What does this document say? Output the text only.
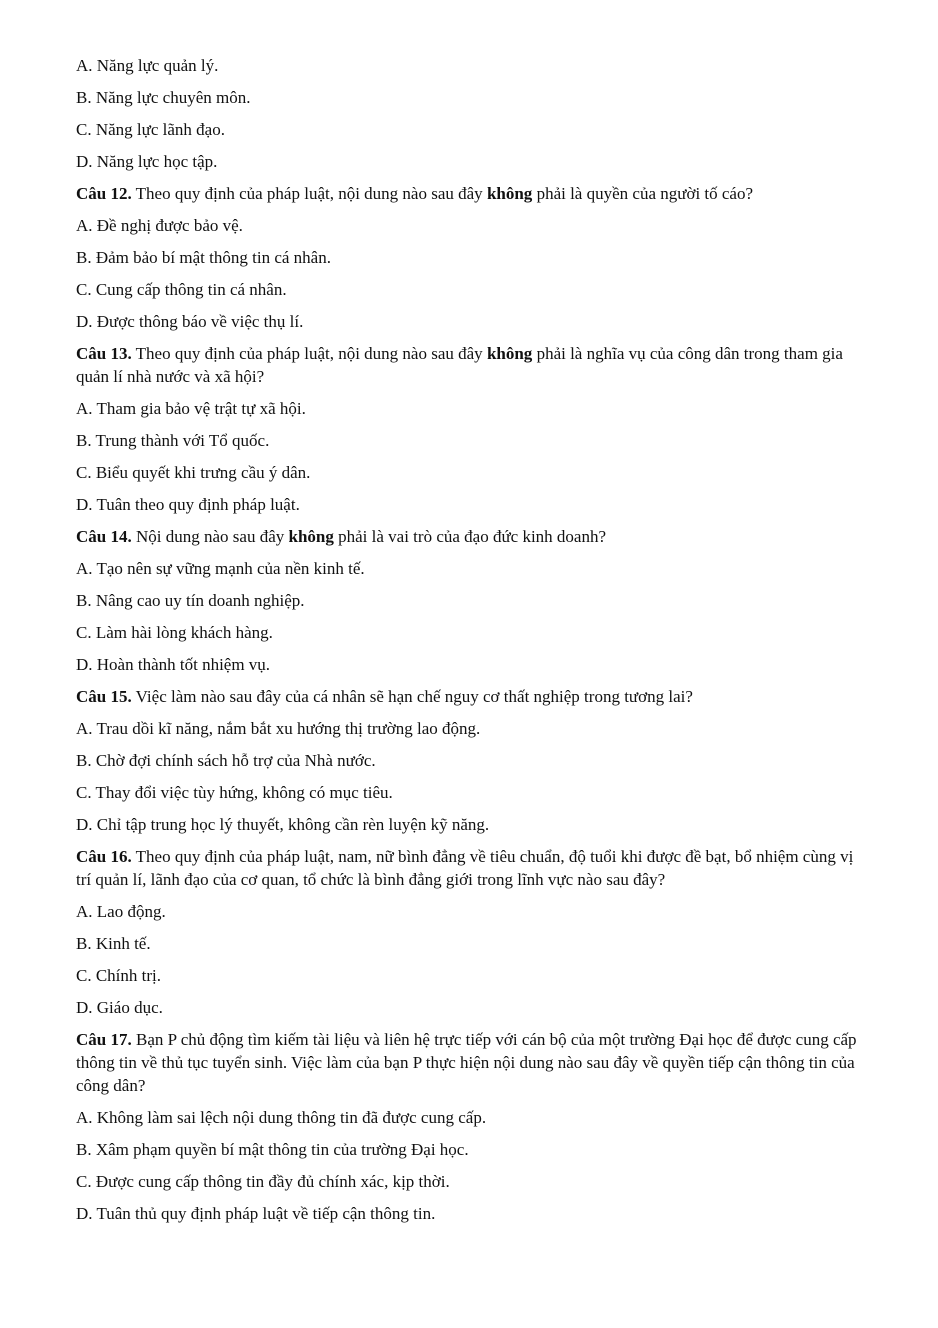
A. Năng lực quản lý.
B. Năng lực chuyên môn.
C. Năng lực lãnh đạo.
D. Năng lực học tập.
Câu 12. Theo quy định của pháp luật, nội dung nào sau đây không phải là quyền của người tố cáo?
A. Đề nghị được bảo vệ.
B. Đảm bảo bí mật thông tin cá nhân.
C. Cung cấp thông tin cá nhân.
D. Được thông báo về việc thụ lí.
Câu 13. Theo quy định của pháp luật, nội dung nào sau đây không phải là nghĩa vụ của công dân trong tham gia quản lí nhà nước và xã hội?
A. Tham gia bảo vệ trật tự xã hội.
B. Trung thành với Tổ quốc.
C. Biểu quyết khi trưng cầu ý dân.
D. Tuân theo quy định pháp luật.
Câu 14. Nội dung nào sau đây không phải là vai trò của đạo đức kinh doanh?
A. Tạo nên sự vững mạnh của nền kinh tế.
B. Nâng cao uy tín doanh nghiệp.
C. Làm hài lòng khách hàng.
D. Hoàn thành tốt nhiệm vụ.
Câu 15. Việc làm nào sau đây của cá nhân sẽ hạn chế nguy cơ thất nghiệp trong tương lai?
A. Trau dồi kĩ năng, nắm bắt xu hướng thị trường lao động.
B. Chờ đợi chính sách hỗ trợ của Nhà nước.
C. Thay đổi việc tùy hứng, không có mục tiêu.
D. Chỉ tập trung học lý thuyết, không cần rèn luyện kỹ năng.
Câu 16. Theo quy định của pháp luật, nam, nữ bình đẳng về tiêu chuẩn, độ tuổi khi được đề bạt, bổ nhiệm cùng vị trí quản lí, lãnh đạo của cơ quan, tổ chức là bình đẳng giới trong lĩnh vực nào sau đây?
A. Lao động.
B. Kinh tế.
C. Chính trị.
D. Giáo dục.
Câu 17. Bạn P chủ động tìm kiếm tài liệu và liên hệ trực tiếp với cán bộ của một trường Đại học để được cung cấp thông tin về thủ tục tuyển sinh. Việc làm của bạn P thực hiện nội dung nào sau đây về quyền tiếp cận thông tin của công dân?
A. Không làm sai lệch nội dung thông tin đã được cung cấp.
B. Xâm phạm quyền bí mật thông tin của trường Đại học.
C. Được cung cấp thông tin đầy đủ chính xác, kịp thời.
D. Tuân thủ quy định pháp luật về tiếp cận thông tin.
